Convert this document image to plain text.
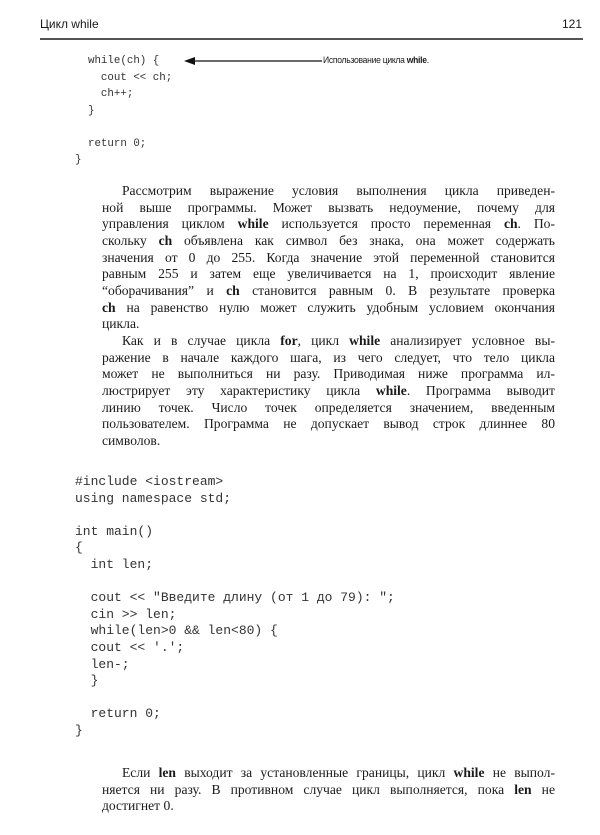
Цикл while	121
while(ch) {
cout << ch;
ch++;
}

return 0;
}
Использование цикла while.
Рассмотрим выражение условия выполнения цикла приведен-
ной выше программы. Может вызвать недоумение, почему для
управления циклом while используется просто переменная ch. По-
скольку ch объявлена как символ без знака, она может содержать
значения от 0 до 255. Когда значение этой переменной становится
равным 255 и затем еще увеличивается на 1, происходит явление
“оборачивания” и ch становится равным 0. В результате проверка
ch на равенство нулю может служить удобным условием окончания
цикла.
Как и в случае цикла for, цикл while анализирует условное вы-
ражение в начале каждого шага, из чего следует, что тело цикла
может не выполниться ни разу. Приводимая ниже программа ил-
люстрирует эту характеристику цикла while. Программа выводит
линию точек. Число точек определяется значением, введенным
пользователем. Программа не допускает вывод строк длиннее 80
символов.
#include <iostream>
using namespace std;

int main()
{
int len;

cout << "Введите длину (от 1 до 79): ";
cin >> len;
while(len>0 && len<80) {
cout << '.';
len-;
}

return 0;
}
Если len выходит за установленные границы, цикл while не выпол-
няется ни разу. В противном случае цикл выполняется, пока len не
достигнет 0.
